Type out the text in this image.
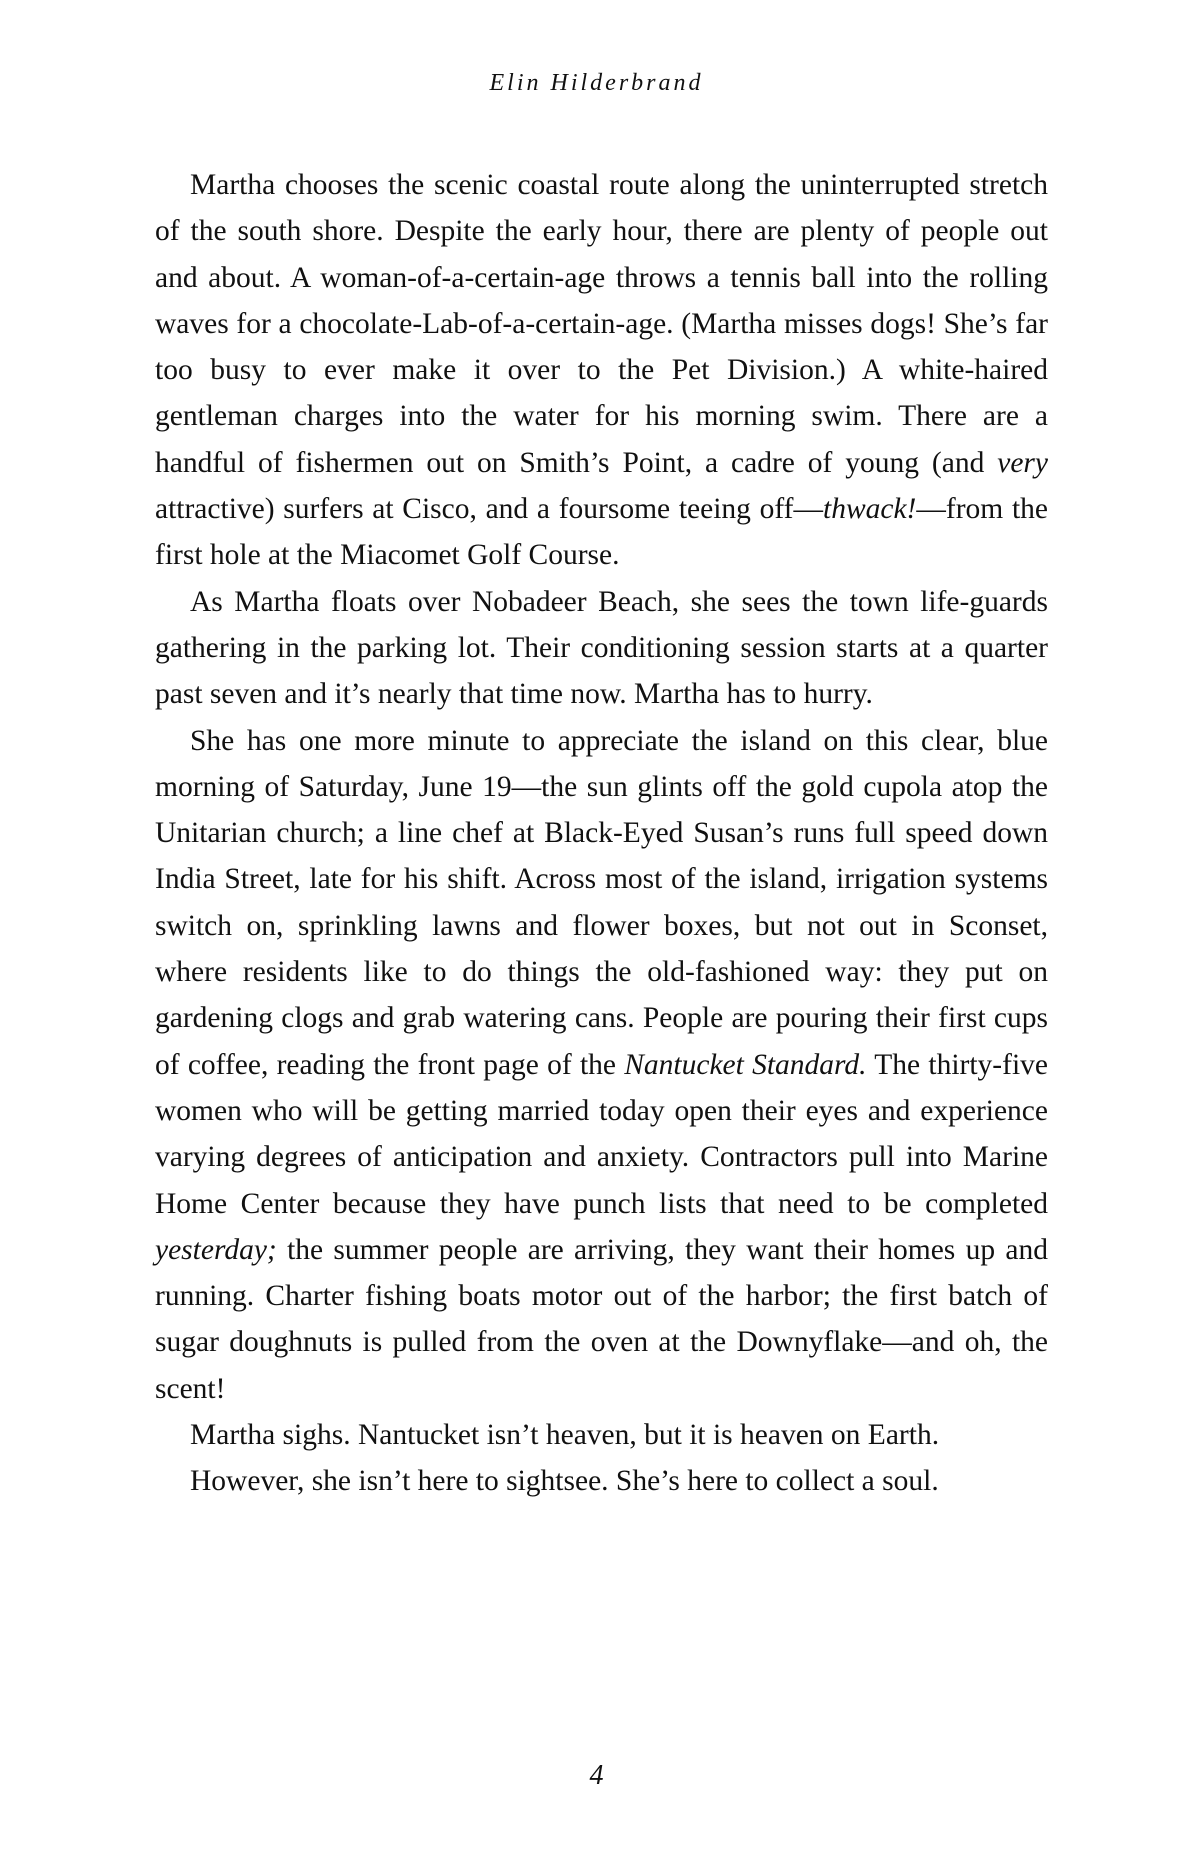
Elin Hilderbrand

Martha chooses the scenic coastal route along the uninterrupted stretch of the south shore. Despite the early hour, there are plenty of people out and about. A woman-of-a-certain-age throws a tennis ball into the rolling waves for a chocolate-Lab-of-a-certain-age. (Martha misses dogs! She’s far too busy to ever make it over to the Pet Division.) A white-haired gentleman charges into the water for his morning swim. There are a handful of fishermen out on Smith’s Point, a cadre of young (and very attractive) surfers at Cisco, and a foursome teeing off—thwack!—from the first hole at the Miacomet Golf Course.

As Martha floats over Nobadeer Beach, she sees the town life-guards gathering in the parking lot. Their conditioning session starts at a quarter past seven and it’s nearly that time now. Martha has to hurry.

She has one more minute to appreciate the island on this clear, blue morning of Saturday, June 19—the sun glints off the gold cupola atop the Unitarian church; a line chef at Black-Eyed Susan’s runs full speed down India Street, late for his shift. Across most of the island, irrigation systems switch on, sprinkling lawns and flower boxes, but not out in Sconset, where residents like to do things the old-fashioned way: they put on gardening clogs and grab watering cans. People are pouring their first cups of coffee, reading the front page of the Nantucket Standard. The thirty-five women who will be getting married today open their eyes and experience varying degrees of anticipation and anxiety. Contractors pull into Marine Home Center because they have punch lists that need to be completed yesterday; the summer people are arriving, they want their homes up and running. Charter fishing boats motor out of the harbor; the first batch of sugar doughnuts is pulled from the oven at the Downyflake—and oh, the scent!

Martha sighs. Nantucket isn’t heaven, but it is heaven on Earth.

However, she isn’t here to sightsee. She’s here to collect a soul.

4
